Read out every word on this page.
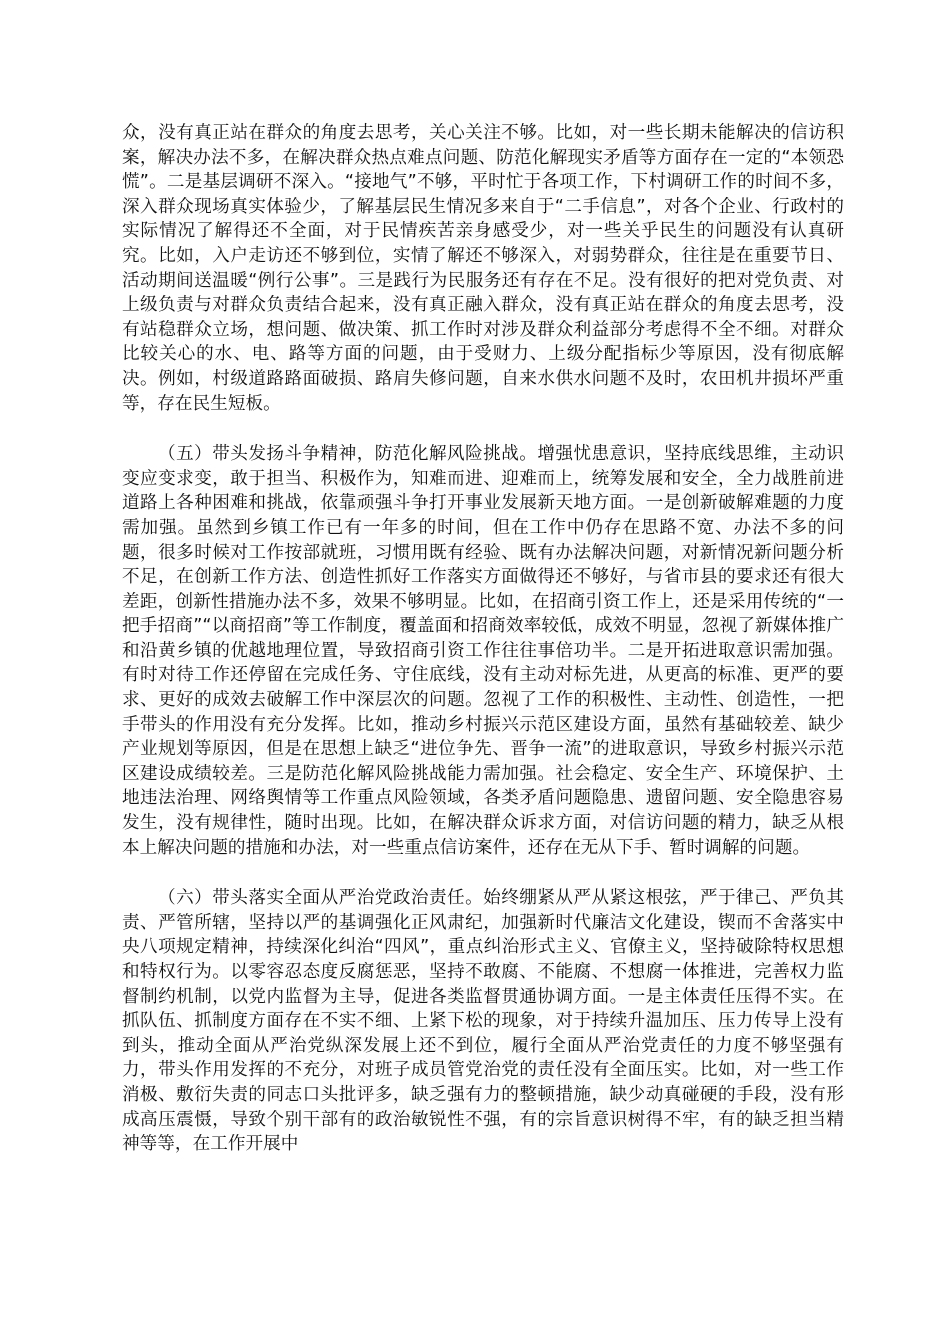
众，没有真正站在群众的角度去思考，关心关注不够。比如，对一些长期未能解决的信访积案，解决办法不多，在解决群众热点难点问题、防范化解现实矛盾等方面存在一定的“本领恐慌”。二是基层调研不深入。“接地气”不够，平时忙于各项工作，下村调研工作的时间不多，深入群众现场真实体验少，了解基层民生情况多来自于“二手信息”，对各个企业、行政村的实际情况了解得还不全面，对于民情疾苦亲身感受少，对一些关乎民生的问题没有认真研究。比如，入户走访还不够到位，实情了解还不够深入，对弱势群众，往往是在重要节日、活动期间送温暖“例行公事”。三是践行为民服务还有存在不足。没有很好的把对党负责、对上级负责与对群众负责结合起来，没有真正融入群众，没有真正站在群众的角度去思考，没有站稳群众立场，想问题、做决策、抓工作时对涉及群众利益部分考虑得不全不细。对群众比较关心的水、电、路等方面的问题，由于受财力、上级分配指标少等原因，没有彻底解决。例如，村级道路路面破损、路肩失修问题，自来水供水问题不及时，农田机井损坏严重等，存在民生短板。

（五）带头发扬斗争精神，防范化解风险挑战。增强忧患意识，坚持底线思维，主动识变应变求变，敢于担当、积极作为，知难而进、迎难而上，统筹发展和安全，全力战胜前进道路上各种困难和挑战，依靠顽强斗争打开事业发展新天地方面。一是创新破解难题的力度需加强。虽然到乡镇工作已有一年多的时间，但在工作中仍存在思路不宽、办法不多的问题，很多时候对工作按部就班，习惯用既有经验、既有办法解决问题，对新情况新问题分析不足，在创新工作方法、创造性抓好工作落实方面做得还不够好，与省市县的要求还有很大差距，创新性措施办法不多，效果不够明显。比如，在招商引资工作上，还是采用传统的“一把手招商”“以商招商”等工作制度，覆盖面和招商效率较低，成效不明显，忽视了新媒体推广和沿黄乡镇的优越地理位置，导致招商引资工作往往事倍功半。二是开拓进取意识需加强。有时对待工作还停留在完成任务、守住底线，没有主动对标先进，从更高的标准、更严的要求、更好的成效去破解工作中深层次的问题。忽视了工作的积极性、主动性、创造性，一把手带头的作用没有充分发挥。比如，推动乡村振兴示范区建设方面，虽然有基础较差、缺少产业规划等原因，但是在思想上缺乏“进位争先、晋争一流”的进取意识，导致乡村振兴示范区建设成绩较差。三是防范化解风险挑战能力需加强。社会稳定、安全生产、环境保护、土地违法治理、网络舆情等工作重点风险领域，各类矛盾问题隐患、遗留问题、安全隐患容易发生，没有规律性，随时出现。比如，在解决群众诉求方面，对信访问题的精力，缺乏从根本上解决问题的措施和办法，对一些重点信访案件，还存在无从下手、暂时调解的问题。

（六）带头落实全面从严治党政治责任。始终绷紧从严从紧这根弦，严于律己、严负其责、严管所辖，坚持以严的基调强化正风肃纪，加强新时代廉洁文化建设，锲而不舍落实中央八项规定精神，持续深化纠治“四风”，重点纠治形式主义、官僚主义，坚持破除特权思想和特权行为。以零容忍态度反腐惩恶，坚持不敢腐、不能腐、不想腐一体推进，完善权力监督制约机制，以党内监督为主导，促进各类监督贯通协调方面。一是主体责任压得不实。在抓队伍、抓制度方面存在不实不细、上紧下松的现象，对于持续升温加压、压力传导上没有到头，推动全面从严治党纵深发展上还不到位，履行全面从严治党责任的力度不够坚强有力，带头作用发挥的不充分，对班子成员管党治党的责任没有全面压实。比如，对一些工作消极、敷衍失责的同志口头批评多，缺乏强有力的整顿措施，缺少动真碰硬的手段，没有形成高压震慑，导致个别干部有的政治敏锐性不强，有的宗旨意识树得不牢，有的缺乏担当精神等等，在工作开展中
